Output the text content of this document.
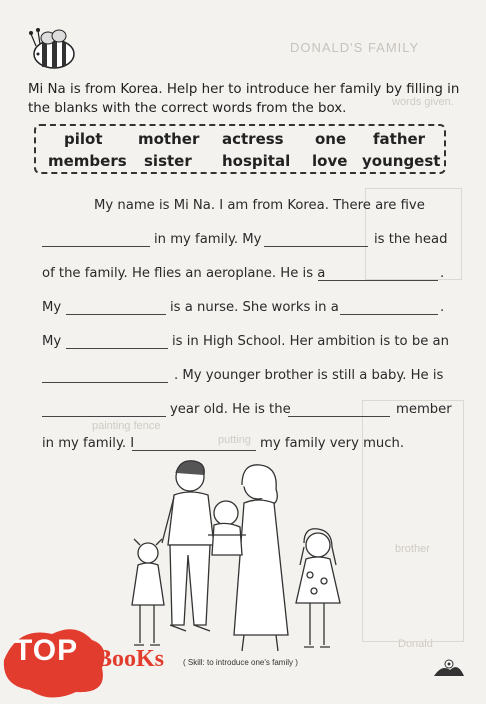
DONALD'S FAMILY
words given.
painting fence
putting
brother
Donald
Mi Na is from Korea. Help her to introduce her family by filling in the blanks with the correct words from the box.
pilot mother actress one father
members sister hospital love youngest
My name is Mi Na. I am from Korea. There are five
in my family. My	is the head
of the family. He flies an aeroplane. He is a	.
My	is a nurse. She works in a	.
My	is in High School. Her ambition is to be an
. My younger brother is still a baby. He is
year old. He is the	member
in my family. I	my family very much.
( Skill: to introduce one's family )
TOP BooKs
